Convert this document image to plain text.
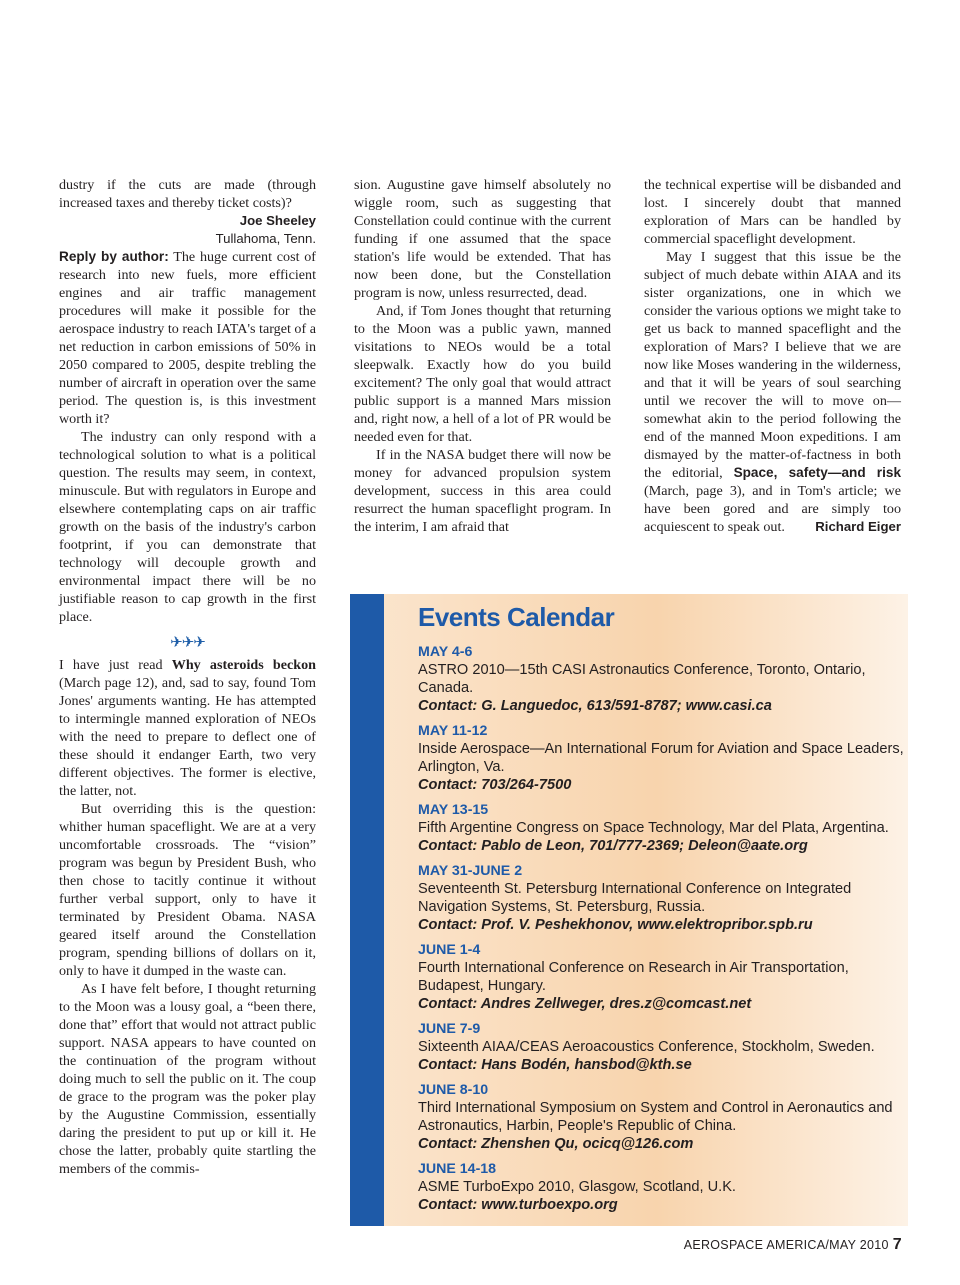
dustry if the cuts are made (through increased taxes and thereby ticket costs)?

Joe Sheeley
Tullahoma, Tenn.

Reply by author: The huge current cost of research into new fuels, more efficient engines and air traffic management procedures will make it possible for the aerospace industry to reach IATA's target of a net reduction in carbon emissions of 50% in 2050 compared to 2005, despite trebling the number of aircraft in operation over the same period. The question is, is this investment worth it?

The industry can only respond with a technological solution to what is a political question. The results may seem, in context, minuscule. But with regulators in Europe and elsewhere contemplating caps on air traffic growth on the basis of the industry's carbon footprint, if you can demonstrate that technology will decouple growth and environmental impact there will be no justifiable reason to cap growth in the first place.

✈✈✈

I have just read Why asteroids beckon (March page 12), and, sad to say, found Tom Jones' arguments wanting. He has attempted to intermingle manned exploration of NEOs with the need to prepare to deflect one of these should it endanger Earth, two very different objectives. The former is elective, the latter, not.

But overriding this is the question: whither human spaceflight. We are at a very uncomfortable crossroads. The “vision” program was begun by President Bush, who then chose to tacitly continue it without further verbal support, only to have it terminated by President Obama. NASA geared itself around the Constellation program, spending billions of dollars on it, only to have it dumped in the waste can.

As I have felt before, I thought returning to the Moon was a lousy goal, a “been there, done that” effort that would not attract public support. NASA appears to have counted on the continuation of the program without doing much to sell the public on it. The coup de grace to the program was the poker play by the Augustine Commission, essentially daring the president to put up or kill it. He chose the latter, probably quite startling the members of the commis-

sion. Augustine gave himself absolutely no wiggle room, such as suggesting that Constellation could continue with the current funding if one assumed that the space station's life would be extended. That has now been done, but the Constellation program is now, unless resurrected, dead.

And, if Tom Jones thought that returning to the Moon was a public yawn, manned visitations to NEOs would be a total sleepwalk. Exactly how do you build excitement? The only goal that would attract public support is a manned Mars mission and, right now, a hell of a lot of PR would be needed even for that.

If in the NASA budget there will now be money for advanced propulsion system development, success in this area could resurrect the human spaceflight program. In the interim, I am afraid that

the technical expertise will be disbanded and lost. I sincerely doubt that manned exploration of Mars can be handled by commercial spaceflight development.

May I suggest that this issue be the subject of much debate within AIAA and its sister organizations, one in which we consider the various options we might take to get us back to manned spaceflight and the exploration of Mars? I believe that we are now like Moses wandering in the wilderness, and that it will be years of soul searching until we recover the will to move on—somewhat akin to the period following the end of the manned Moon expeditions. I am dismayed by the matter-of-factness in both the editorial, Space, safety—and risk (March, page 3), and in Tom's article; we have been gored and are simply too acquiescent to speak out.	Richard Eiger

Events Calendar
MAY 4-6
ASTRO 2010—15th CASI Astronautics Conference, Toronto, Ontario, Canada.
Contact: G. Languedoc, 613/591-8787; www.casi.ca
MAY 11-12
Inside Aerospace—An International Forum for Aviation and Space Leaders, Arlington, Va.
Contact: 703/264-7500
MAY 13-15
Fifth Argentine Congress on Space Technology, Mar del Plata, Argentina.
Contact: Pablo de Leon, 701/777-2369; Deleon@aate.org
MAY 31-JUNE 2
Seventeenth St. Petersburg International Conference on Integrated Navigation Systems, St. Petersburg, Russia.
Contact: Prof. V. Peshekhonov, www.elektropribor.spb.ru
JUNE 1-4
Fourth International Conference on Research in Air Transportation, Budapest, Hungary.
Contact: Andres Zellweger, dres.z@comcast.net
JUNE 7-9
Sixteenth AIAA/CEAS Aeroacoustics Conference, Stockholm, Sweden.
Contact: Hans Bodén, hansbod@kth.se
JUNE 8-10
Third International Symposium on System and Control in Aeronautics and Astronautics, Harbin, People's Republic of China.
Contact: Zhenshen Qu, ocicq@126.com
JUNE 14-18
ASME TurboExpo 2010, Glasgow, Scotland, U.K.
Contact: www.turboexpo.org
AEROSPACE AMERICA/MAY 2010 7
